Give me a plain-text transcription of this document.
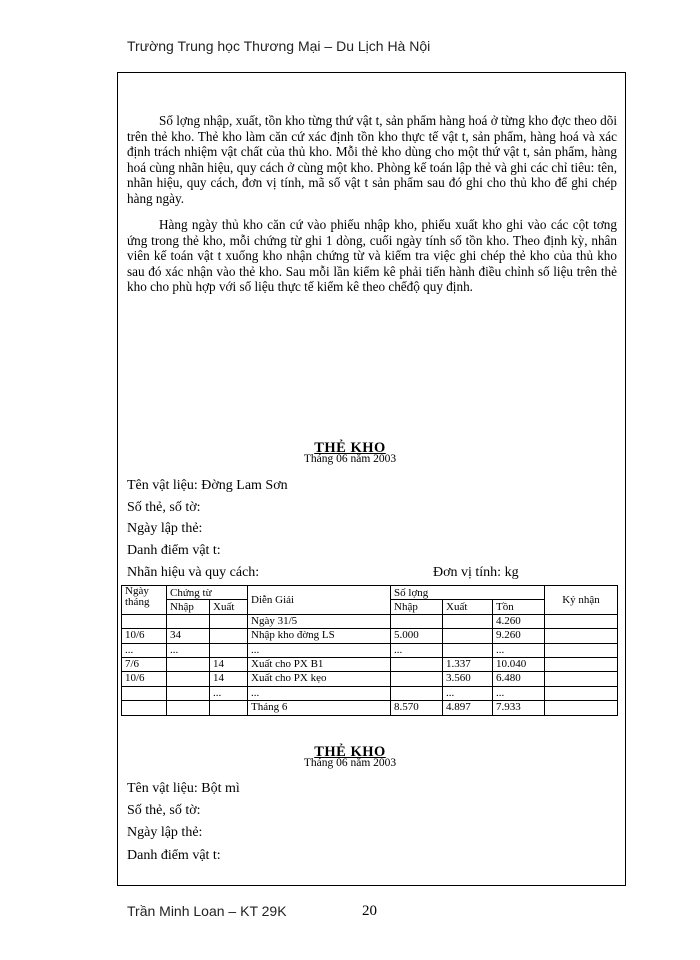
Trường Trung học Thương Mại – Du Lịch Hà Nội
Số lợng nhập, xuất, tồn kho từng thứ vật t, sản phẩm hàng hoá ở từng kho đợc theo dõi trên thẻ kho. Thẻ kho làm căn cứ xác định tồn kho thực tế vật t, sản phẩm, hàng hoá và xác định trách nhiệm vật chất của thủ kho. Mỗi thẻ kho dùng cho một thứ vật t, sản phẩm, hàng hoá cùng nhãn hiệu, quy cách ở cùng một kho. Phòng kế toán lập thẻ và ghi các chỉ tiêu: tên, nhãn hiệu, quy cách, đơn vị tính, mã số vật t sản phẩm sau đó ghi cho thủ kho để ghi chép hàng ngày.
Hàng ngày thủ kho căn cứ vào phiếu nhập kho, phiếu xuất kho ghi vào các cột tơng ứng trong thẻ kho, mỗi chứng từ ghi 1 dòng, cuối ngày tính số tồn kho. Theo định kỳ, nhân viên kế toán vật t xuống kho nhận chứng từ và kiểm tra việc ghi chép thẻ kho của thủ kho sau đó xác nhận vào thẻ kho. Sau mỗi lần kiểm kê phải tiến hành điều chỉnh số liệu trên thẻ kho cho phù hợp với số liệu thực tế kiểm kê theo chếđộ quy định.
THẺ KHO
Tháng 06 năm 2003
Tên vật liệu: Đờng Lam Sơn
Số thẻ, số tờ:
Ngày lập thẻ:
Danh điểm vật t:
Nhãn hiệu và quy cách:	Đơn vị tính: kg
Ngày tháng	Chứng từ		Diễn Giải	Số lợng			Ký nhận
	Nhập	Xuất		Nhập	Xuất	Tồn	
			Ngày 31/5			4.260	
10/6	34		Nhập kho đờng LS	5.000		9.260	
...	...		...	...		...	
7/6		14	Xuất cho PX B1		1.337	10.040	
10/6		14	Xuất cho PX kẹo		3.560	6.480	
		...	...		...	...	
			Tháng 6	8.570	4.897	7.933	
THẺ KHO
Tháng 06 năm 2003
Tên vật liệu: Bột mì
Số thẻ, số tờ:
Ngày lập thẻ:
Danh điểm vật t:
Trần Minh Loan – KT 29K	20
